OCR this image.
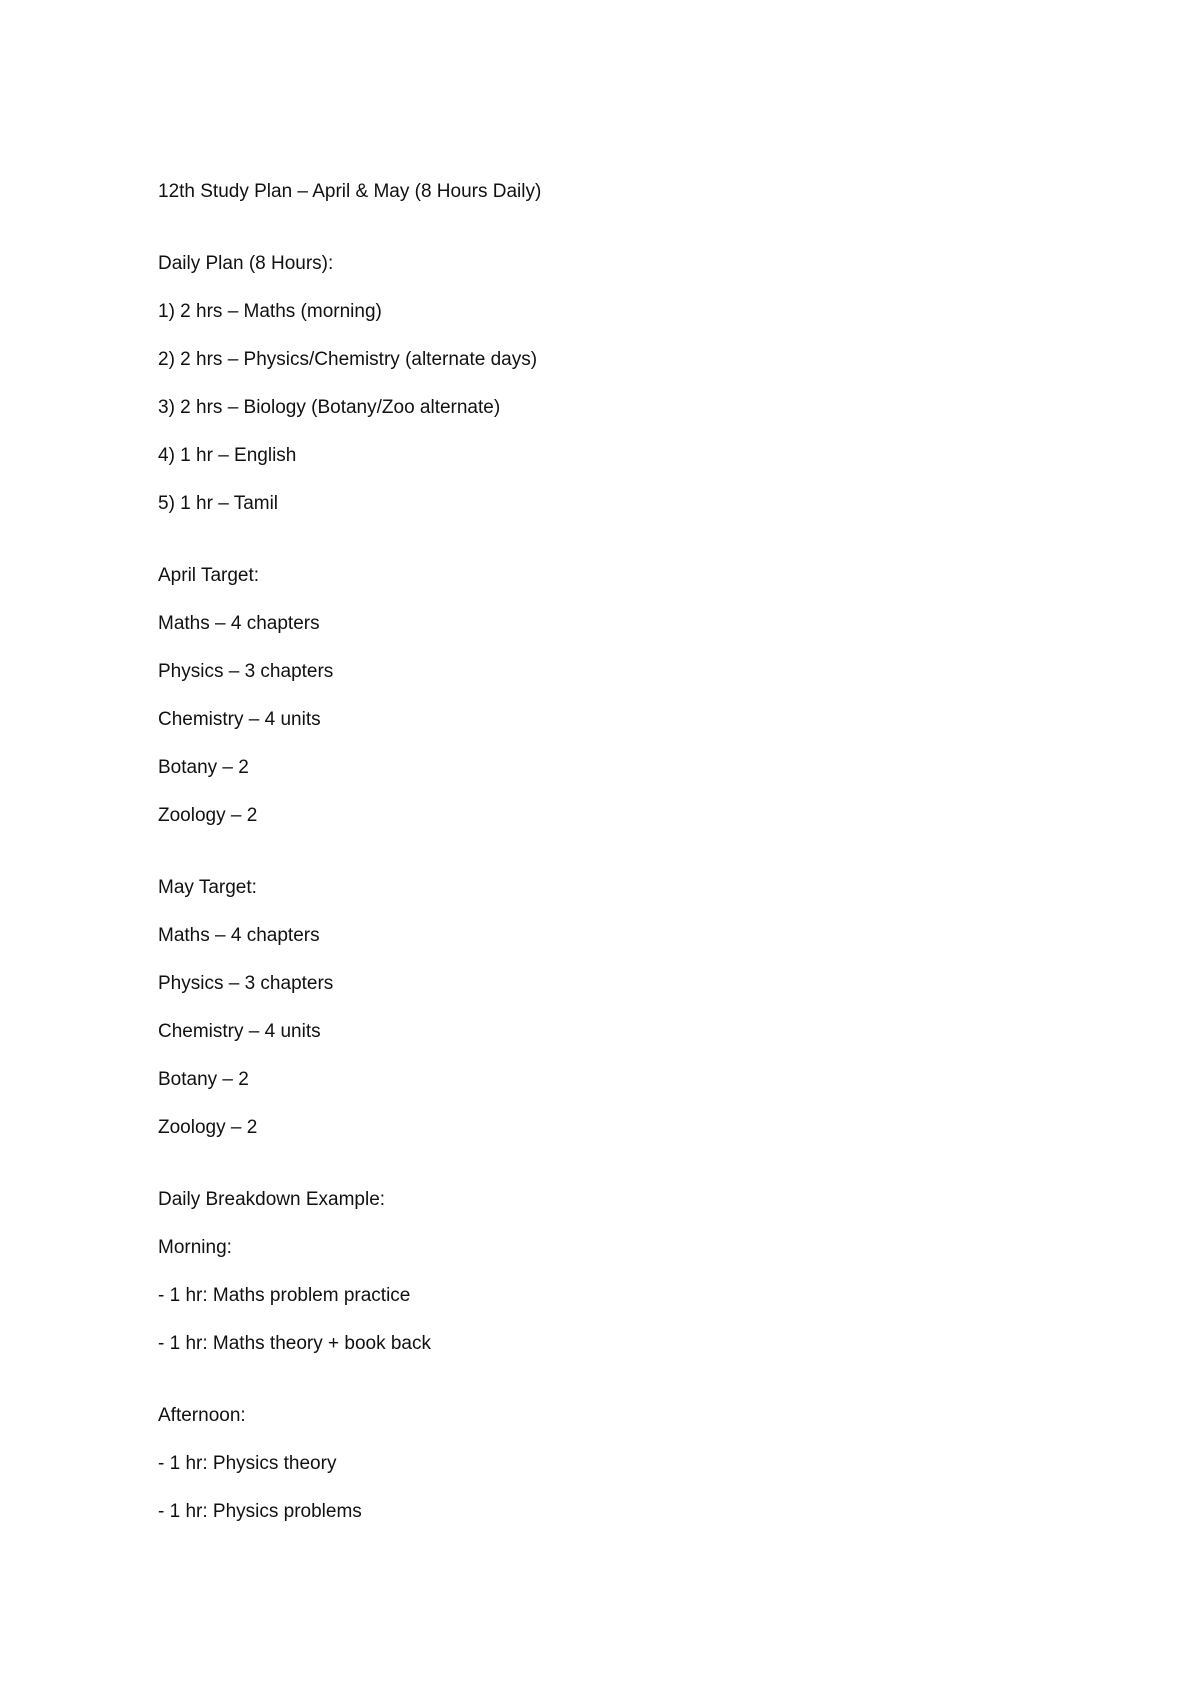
12th Study Plan – April & May (8 Hours Daily)

Daily Plan (8 Hours):

1) 2 hrs – Maths (morning)

2) 2 hrs – Physics/Chemistry (alternate days)

3) 2 hrs – Biology (Botany/Zoo alternate)

4) 1 hr – English

5) 1 hr – Tamil

April Target:

Maths – 4 chapters

Physics – 3 chapters

Chemistry – 4 units

Botany – 2

Zoology – 2

May Target:

Maths – 4 chapters

Physics – 3 chapters

Chemistry – 4 units

Botany – 2

Zoology – 2

Daily Breakdown Example:

Morning:

- 1 hr: Maths problem practice

- 1 hr: Maths theory + book back

Afternoon:

- 1 hr: Physics theory

- 1 hr: Physics problems
